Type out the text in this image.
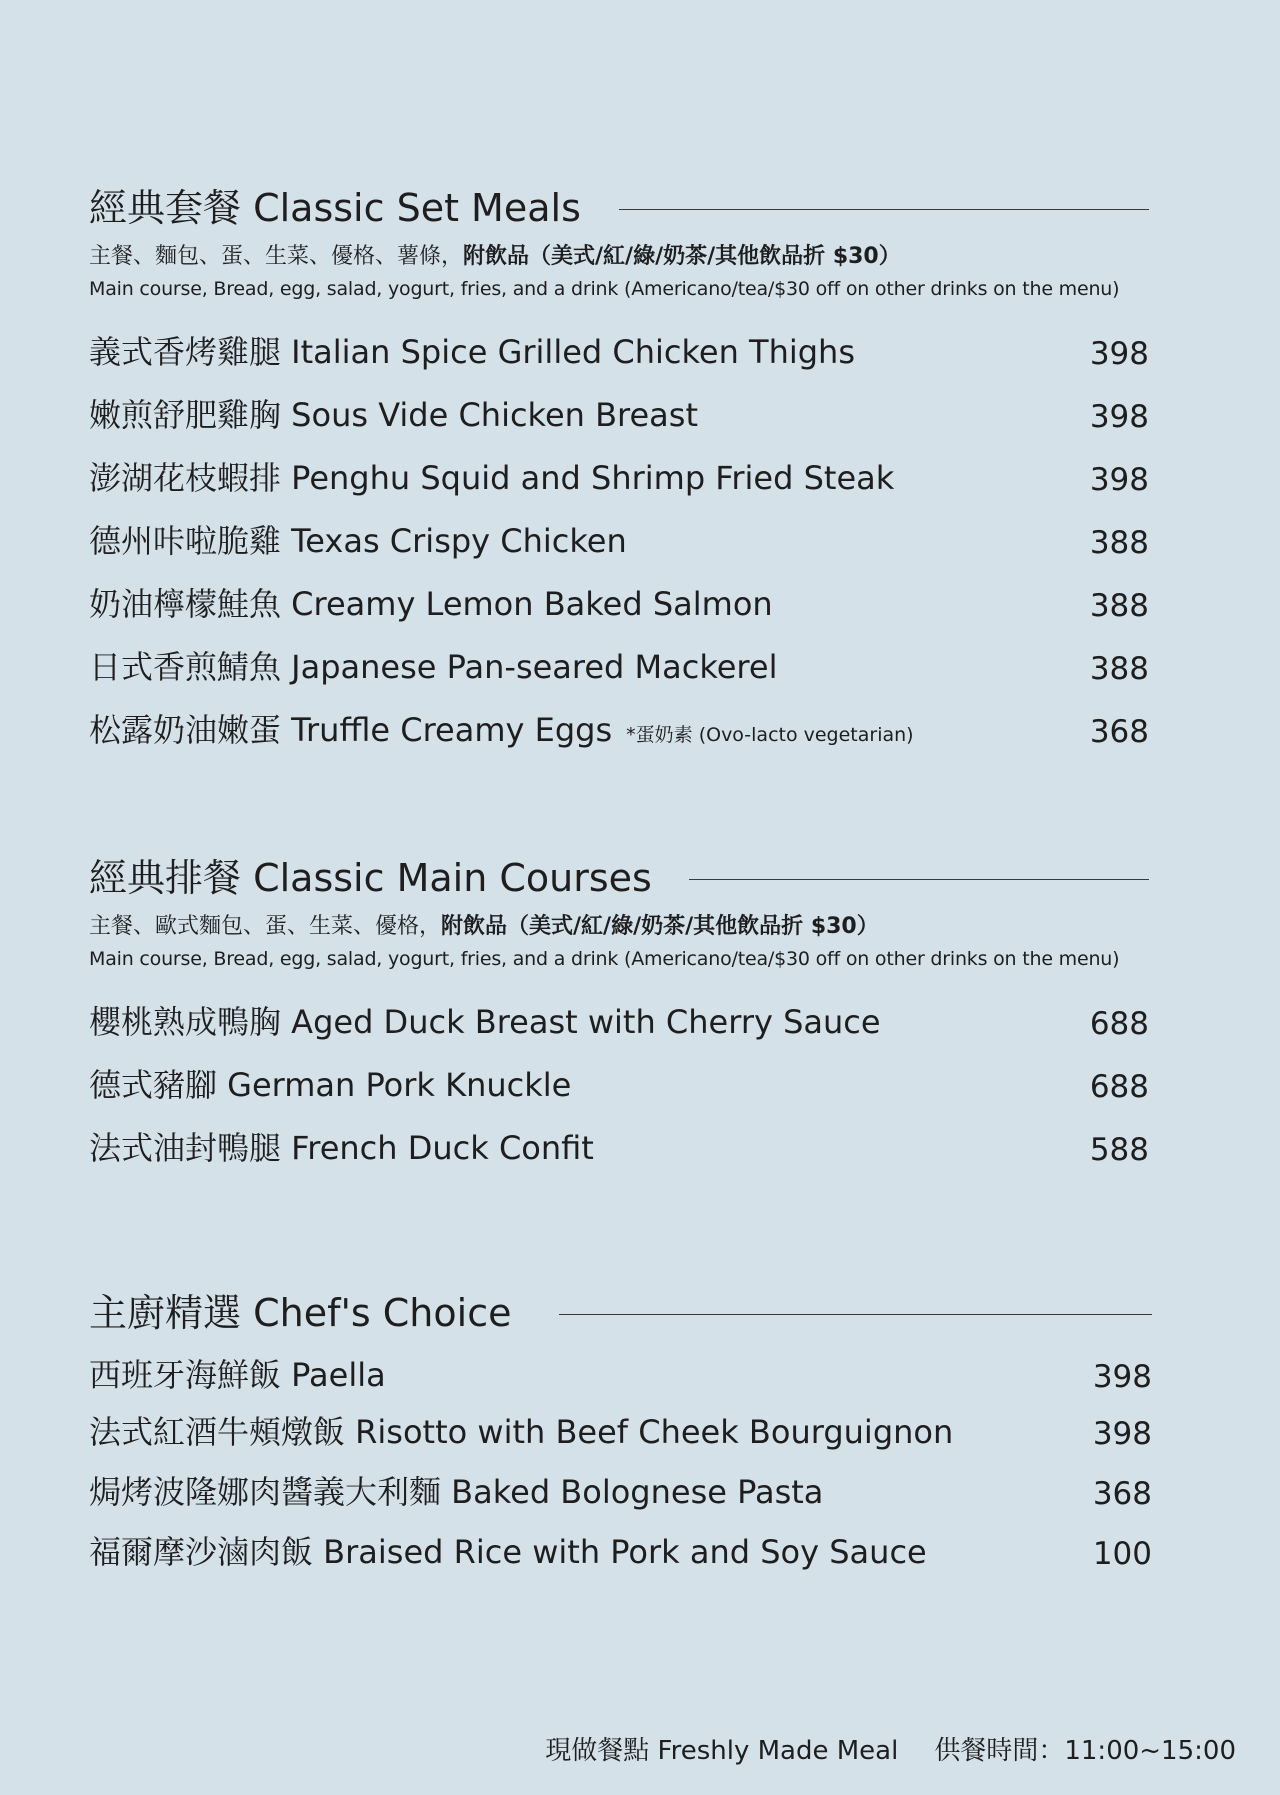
經典套餐 Classic Set Meals
主餐、麵包、蛋、生菜、優格、薯條，附飲品（美式/紅/綠/奶茶/其他飲品折 $30）
Main course, Bread, egg, salad, yogurt, fries, and a drink (Americano/tea/$30 off on other drinks on the menu)
義式香烤雞腿 Italian Spice Grilled Chicken Thighs	398
嫩煎舒肥雞胸 Sous Vide Chicken Breast	398
澎湖花枝蝦排 Penghu Squid and Shrimp Fried Steak	398
德州咔啦脆雞 Texas Crispy Chicken	388
奶油檸檬鮭魚 Creamy Lemon Baked Salmon	388
日式香煎鯖魚 Japanese Pan-seared Mackerel	388
松露奶油嫩蛋 Truffle Creamy Eggs *蛋奶素 (Ovo-lacto vegetarian)	368
經典排餐 Classic Main Courses
主餐、歐式麵包、蛋、生菜、優格，附飲品（美式/紅/綠/奶茶/其他飲品折 $30）
Main course, Bread, egg, salad, yogurt, fries, and a drink (Americano/tea/$30 off on other drinks on the menu)
櫻桃熟成鴨胸 Aged Duck Breast with Cherry Sauce	688
德式豬腳 German Pork Knuckle	688
法式油封鴨腿 French Duck Confit	588
主廚精選 Chef's Choice
西班牙海鮮飯 Paella	398
法式紅酒牛頰燉飯 Risotto with Beef Cheek Bourguignon	398
焗烤波隆娜肉醬義大利麵 Baked Bolognese Pasta	368
福爾摩沙滷肉飯 Braised Rice with Pork and Soy Sauce	100
現做餐點 Freshly Made Meal 供餐時間：11:00~15:00
